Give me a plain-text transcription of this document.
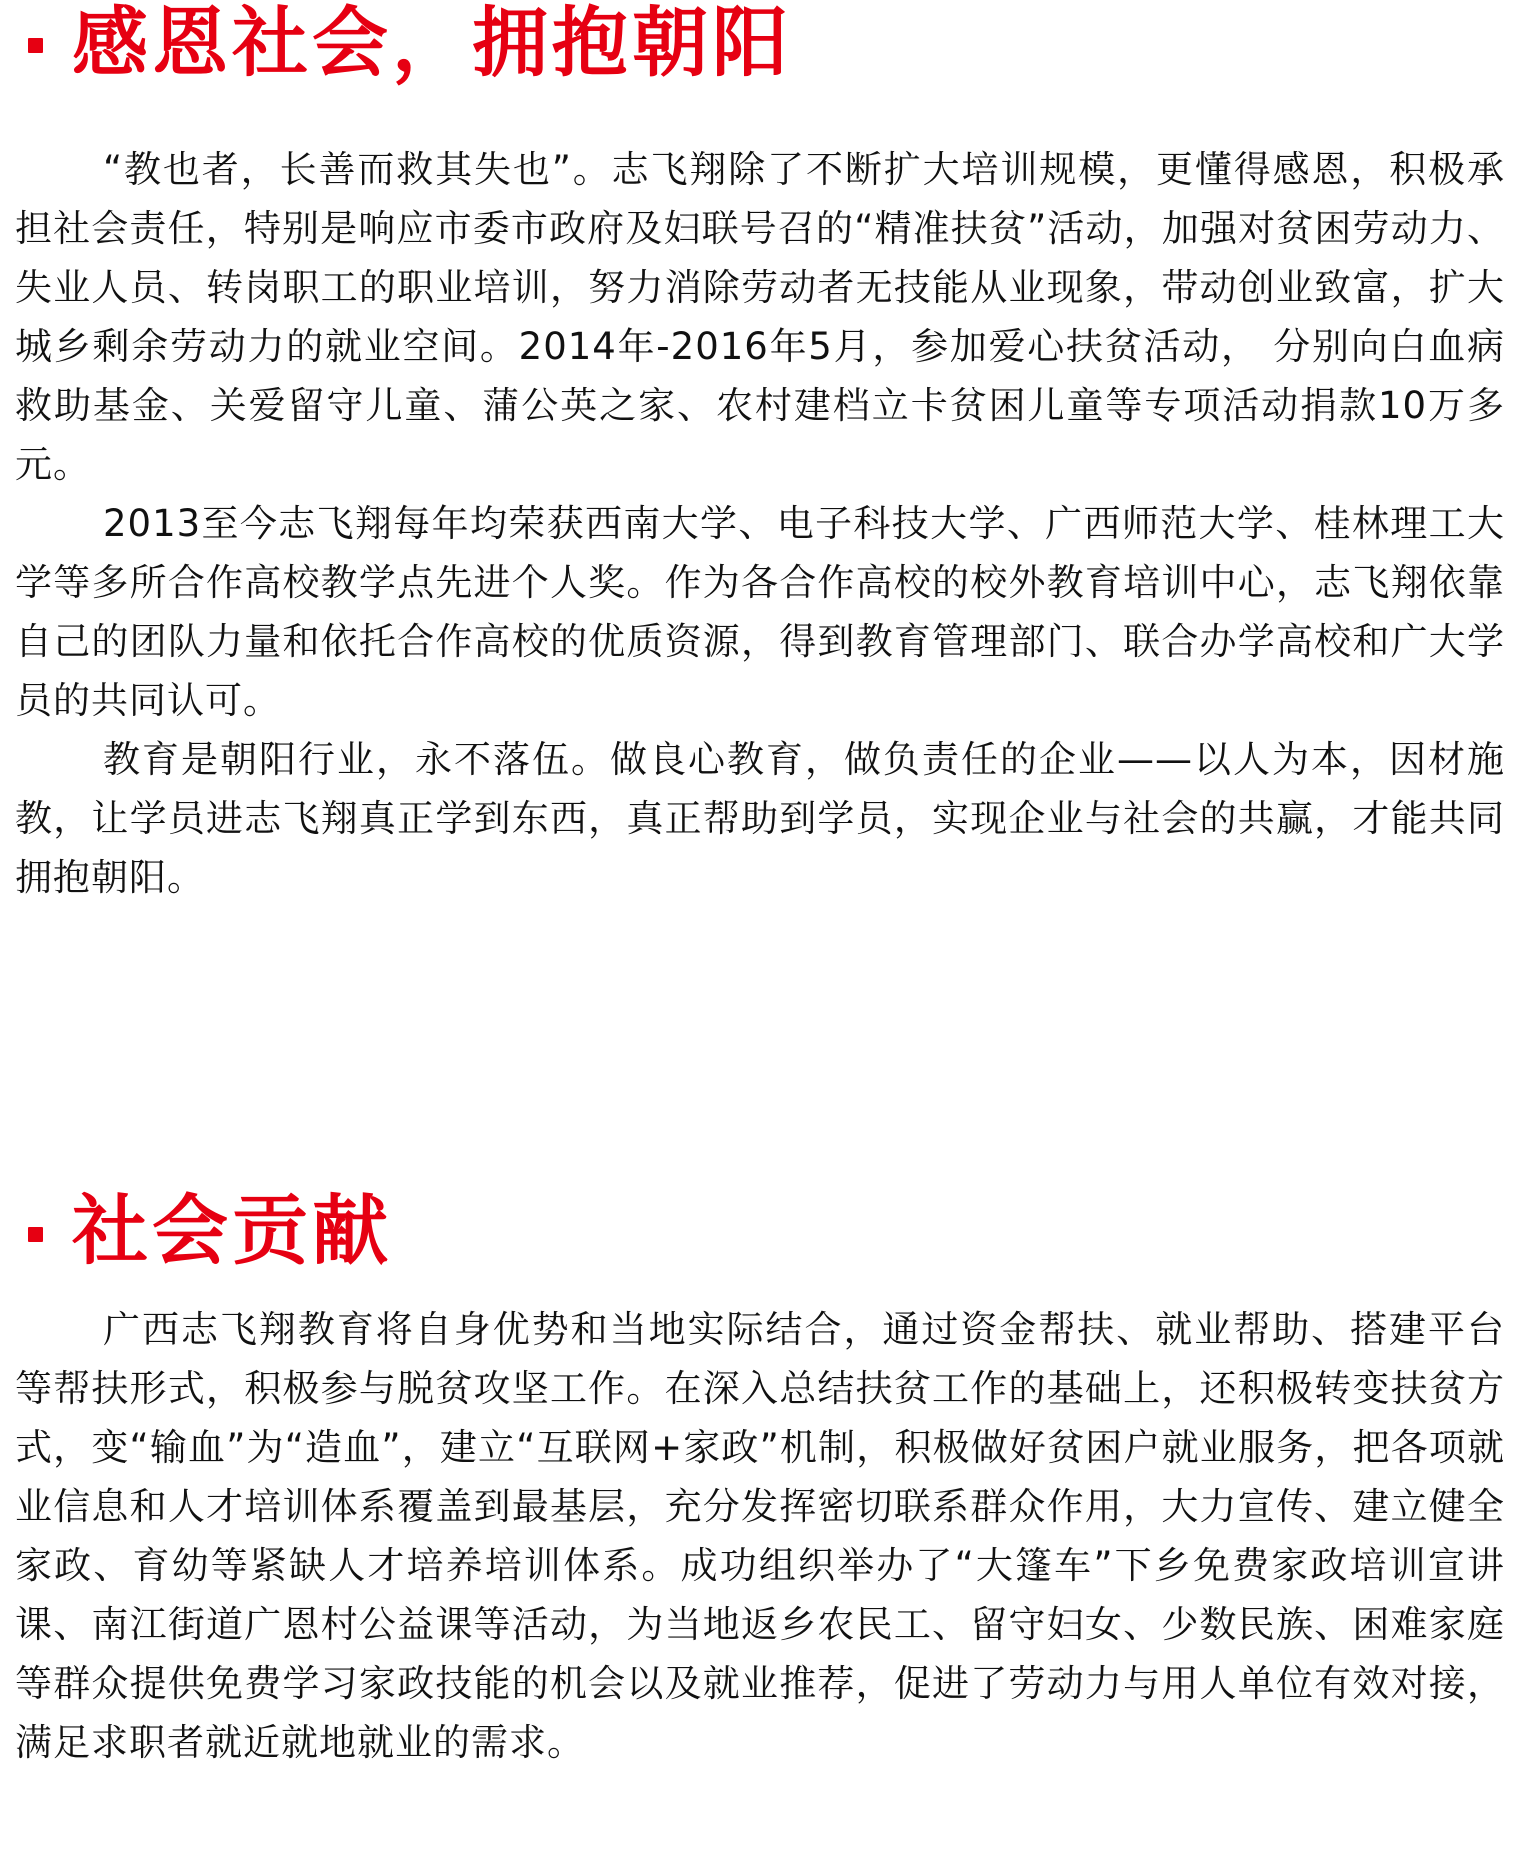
感恩社会，拥抱朝阳

“教也者，长善而救其失也”。志飞翔除了不断扩大培训规模，更懂得感恩，积极承担社会责任，特别是响应市委市政府及妇联号召的“精准扶贫”活动，加强对贫困劳动力、失业人员、转岗职工的职业培训，努力消除劳动者无技能从业现象，带动创业致富，扩大城乡剩余劳动力的就业空间。2014年-2016年5月，参加爱心扶贫活动， 分别向白血病救助基金、关爱留守儿童、蒲公英之家、农村建档立卡贫困儿童等专项活动捐款10万多元。

2013至今志飞翔每年均荣获西南大学、电子科技大学、广西师范大学、桂林理工大学等多所合作高校教学点先进个人奖。作为各合作高校的校外教育培训中心，志飞翔依靠自己的团队力量和依托合作高校的优质资源，得到教育管理部门、联合办学高校和广大学员的共同认可。

教育是朝阳行业，永不落伍。做良心教育，做负责任的企业——以人为本，因材施教，让学员进志飞翔真正学到东西，真正帮助到学员，实现企业与社会的共赢，才能共同拥抱朝阳。

社会贡献

广西志飞翔教育将自身优势和当地实际结合，通过资金帮扶、就业帮助、搭建平台等帮扶形式，积极参与脱贫攻坚工作。在深入总结扶贫工作的基础上，还积极转变扶贫方式，变“输血”为“造血”，建立“互联网+家政”机制，积极做好贫困户就业服务，把各项就业信息和人才培训体系覆盖到最基层，充分发挥密切联系群众作用，大力宣传、建立健全家政、育幼等紧缺人才培养培训体系。成功组织举办了“大篷车”下乡免费家政培训宣讲课、南江街道广恩村公益课等活动，为当地返乡农民工、留守妇女、少数民族、困难家庭等群众提供免费学习家政技能的机会以及就业推荐，促进了劳动力与用人单位有效对接，满足求职者就近就地就业的需求。
